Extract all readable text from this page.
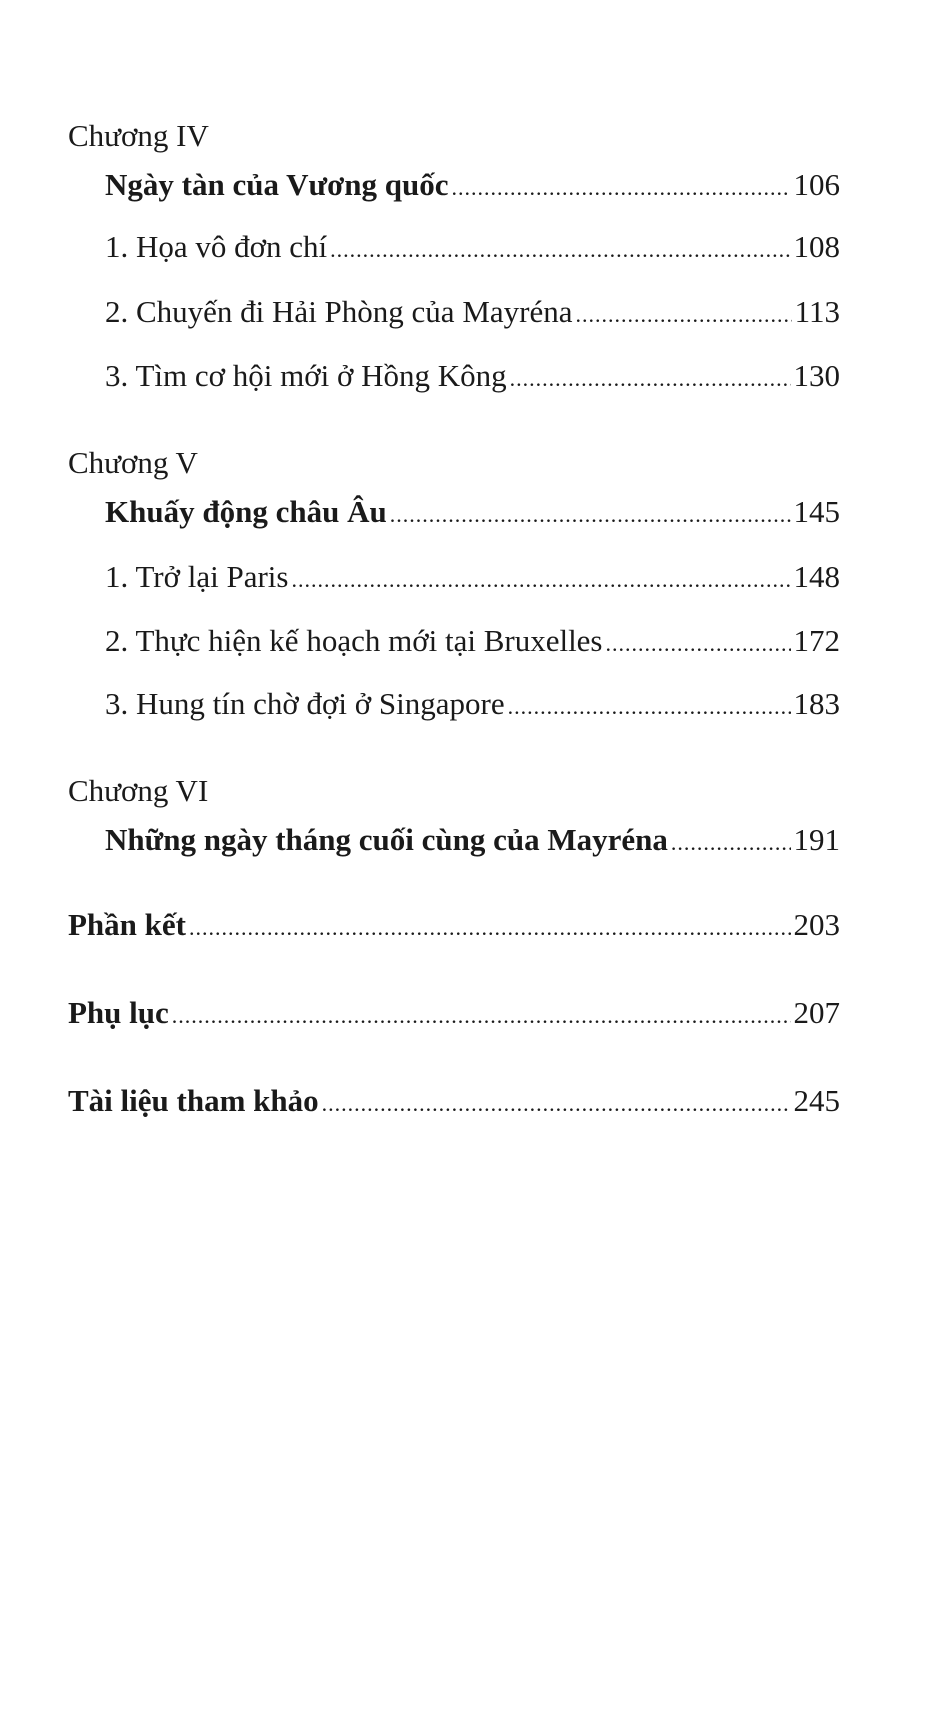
Chương IV
Ngày tàn của Vương quốc .....	106
1. Họa vô đơn chí .....	108
2. Chuyến đi Hải Phòng của Mayréna .....	113
3. Tìm cơ hội mới ở Hồng Kông .....	130
Chương V
Khuấy động châu Âu .....	145
1. Trở lại Paris .....	148
2. Thực hiện kế hoạch mới tại Bruxelles .....	172
3. Hung tín chờ đợi ở Singapore .....	183
Chương VI
Những ngày tháng cuối cùng của Mayréna .....	191
Phần kết .....	203
Phụ lục .....	207
Tài liệu tham khảo .....	245
